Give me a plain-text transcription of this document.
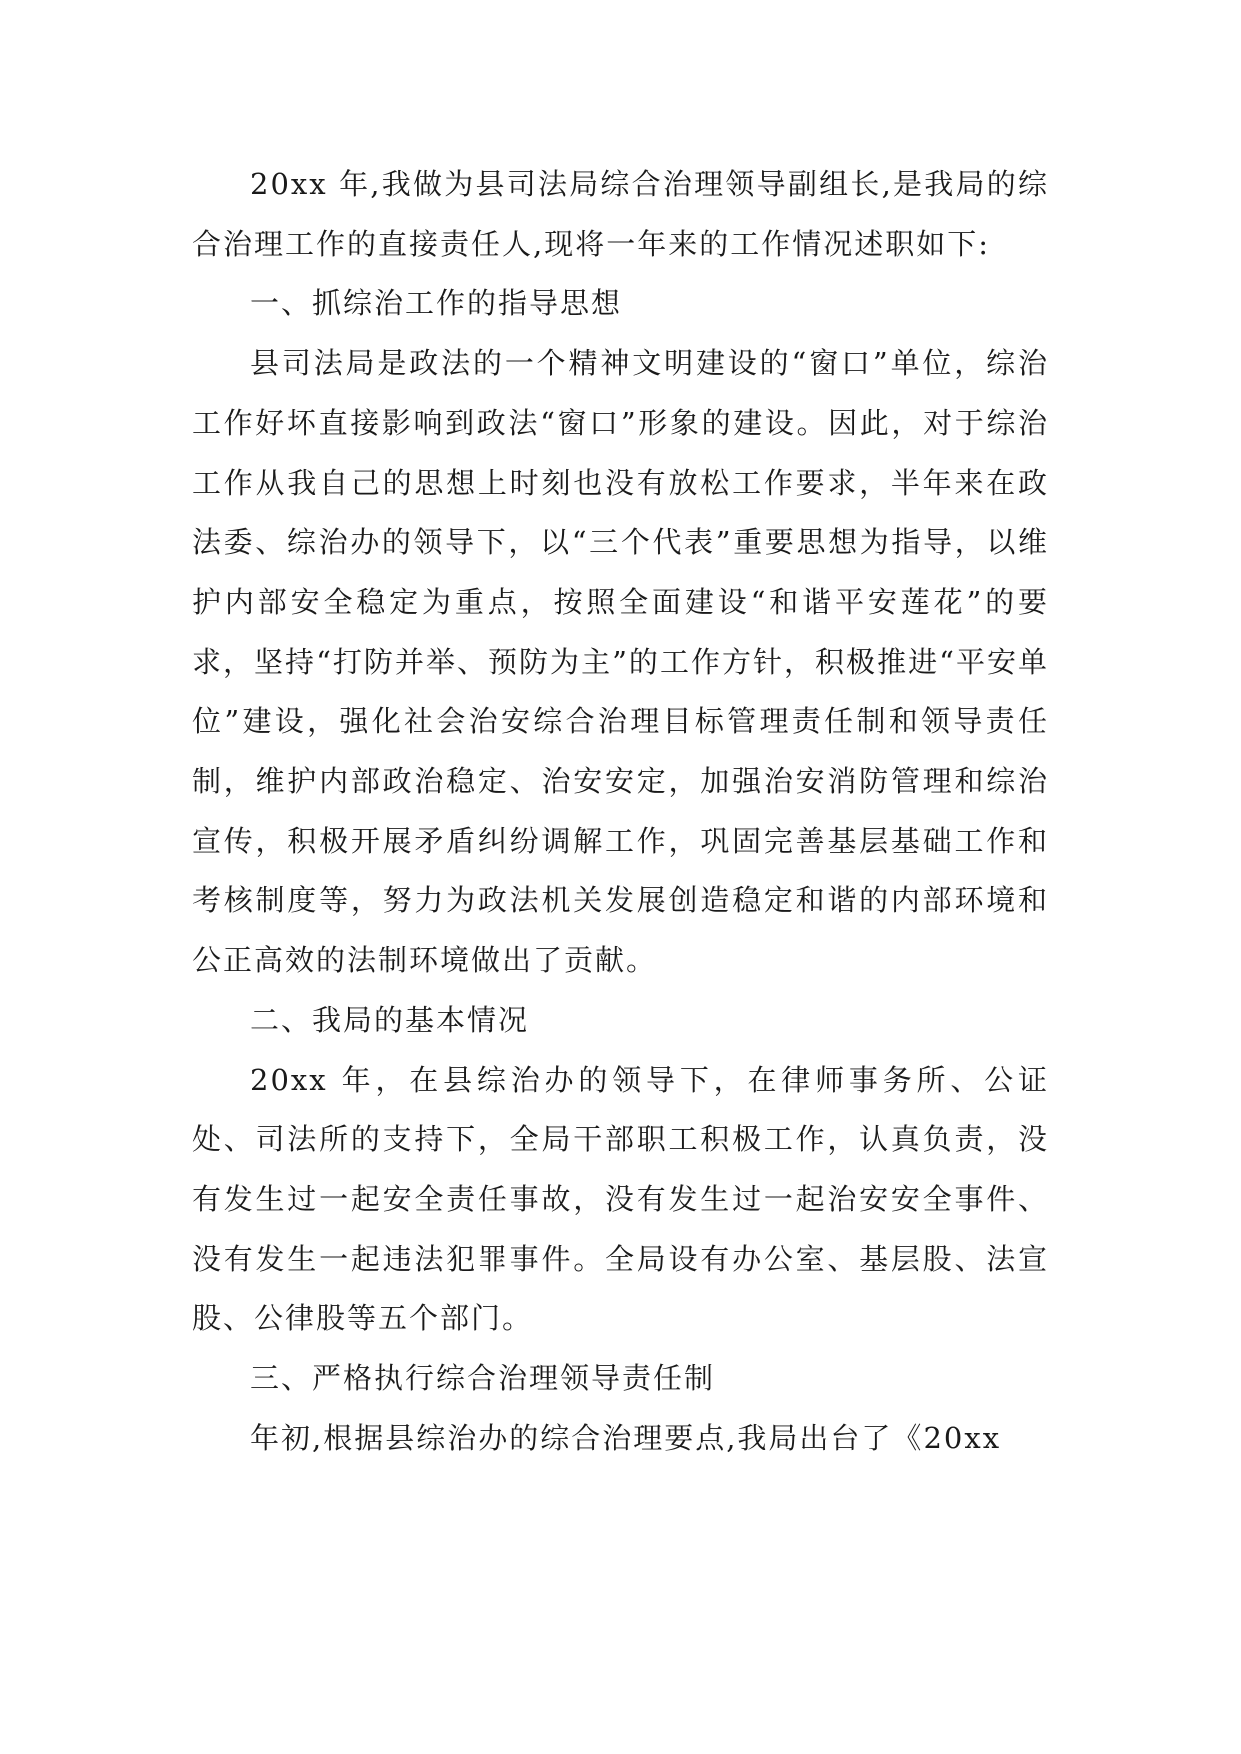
20xx 年,我做为县司法局综合治理领导副组长,是我局的综合治理工作的直接责任人,现将一年来的工作情况述职如下:

一、抓综治工作的指导思想

县司法局是政法的一个精神文明建设的“窗口”单位，综治工作好坏直接影响到政法“窗口”形象的建设。因此，对于综治工作从我自己的思想上时刻也没有放松工作要求，半年来在政法委、综治办的领导下，以“三个代表”重要思想为指导，以维护内部安全稳定为重点，按照全面建设“和谐平安莲花”的要求，坚持“打防并举、预防为主”的工作方针，积极推进“平安单位”建设，强化社会治安综合治理目标管理责任制和领导责任制，维护内部政治稳定、治安安定，加强治安消防管理和综治宣传，积极开展矛盾纠纷调解工作，巩固完善基层基础工作和考核制度等，努力为政法机关发展创造稳定和谐的内部环境和公正高效的法制环境做出了贡献。

二、我局的基本情况

20xx 年，在县综治办的领导下，在律师事务所、公证处、司法所的支持下，全局干部职工积极工作，认真负责，没有发生过一起安全责任事故，没有发生过一起治安安全事件、没有发生一起违法犯罪事件。全局设有办公室、基层股、法宣股、公律股等五个部门。

三、严格执行综合治理领导责任制

年初,根据县综治办的综合治理要点,我局出台了《20xx
